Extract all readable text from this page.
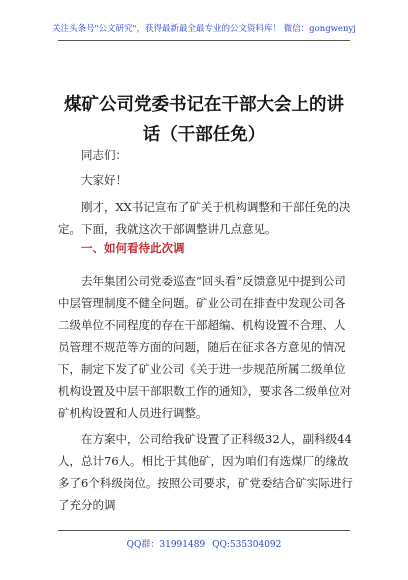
关注头条号"公文研究"，获得最新最全最专业的公文资料库！ 微信：gongwenyj
煤矿公司党委书记在干部大会上的讲话（干部任免）
同志们：
大家好！
刚才，XX书记宣布了矿关于机构调整和干部任免的决定。下面，我就这次干部调整讲几点意见。
一、如何看待此次调
去年集团公司党委巡查“回头看”反馈意见中提到公司中层管理制度不健全问题。矿业公司在排查中发现公司各二级单位不同程度的存在干部超编、机构设置不合理、人员管理不规范等方面的问题，随后在征求各方意见的情况下，制定下发了矿业公司《关于进一步规范所属二级单位机构设置及中层干部职数工作的通知》，要求各二级单位对矿机构设置和人员进行调整。
在方案中，公司给我矿设置了正科级32人，副科级44人，总计76人。相比于其他矿，因为咱们有选煤厂的缘故多了6个科级岗位。按照公司要求，矿党委结合矿实际进行了充分的调
QQ群：31991489 QQ:535304092
